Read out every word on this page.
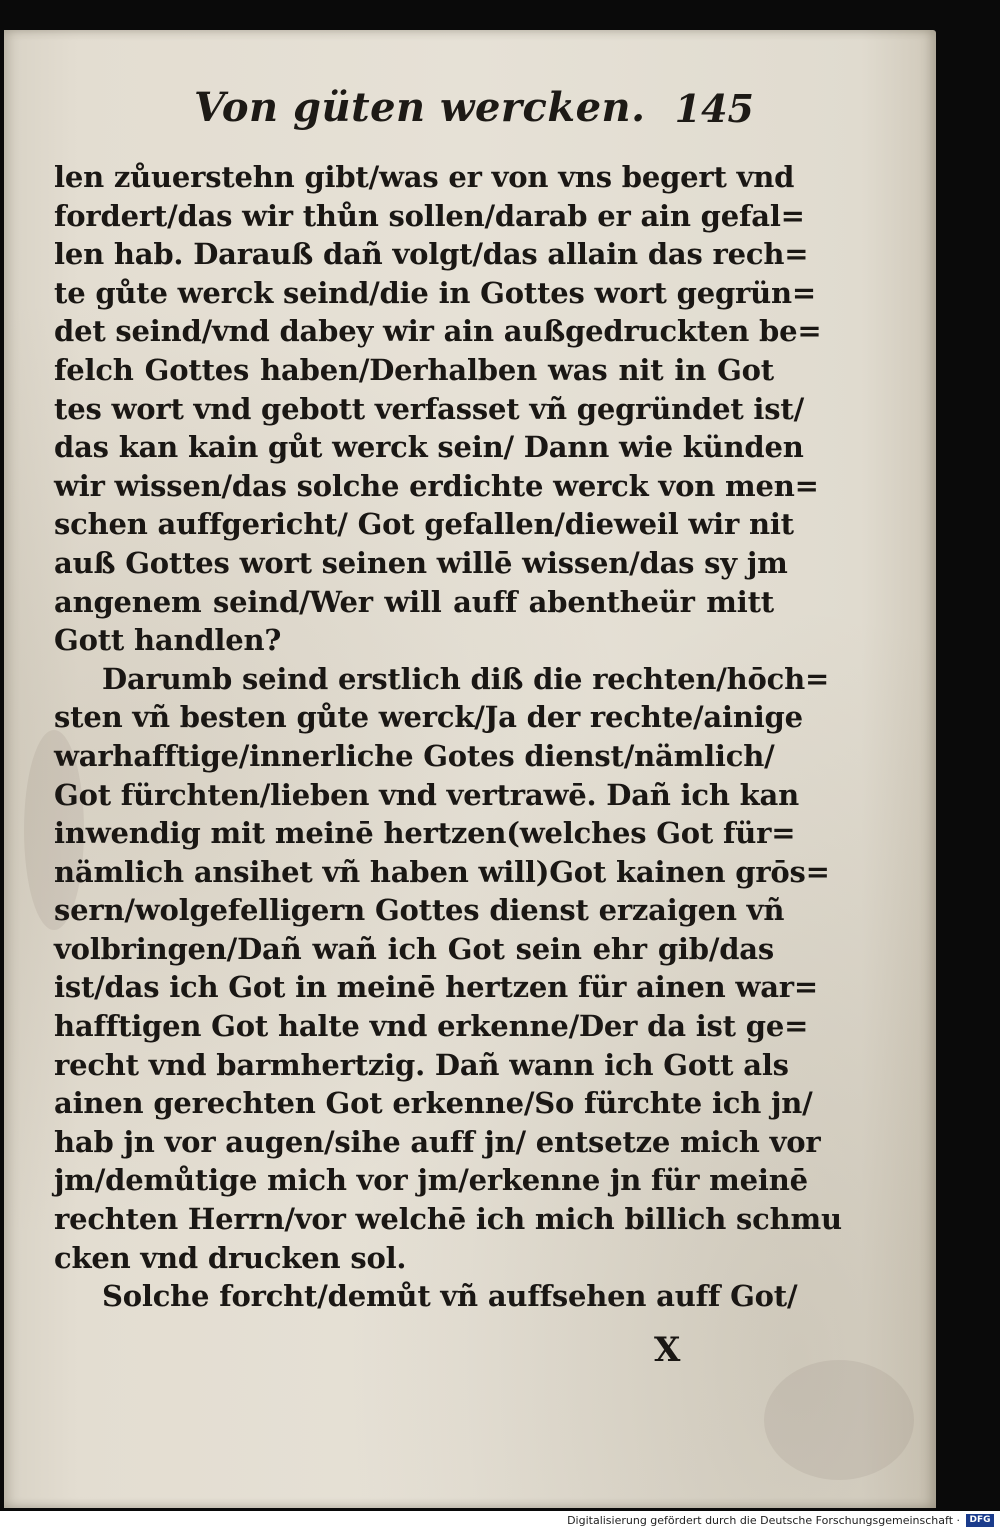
Von güten wercken. 145
len zůuerstehn gibt/was er von vns begert vnd
fordert/das wir thůn sollen/darab er ain gefal=
len hab. Darauß dañ volgt/das allain das rech=
te gůte werck seind/die in Gottes wort gegrün=
det seind/vnd dabey wir ain außgedruckten be=
felch Gottes haben/Derhalben was nit in Got
tes wort vnd gebott verfasset vñ gegründet ist/
das kan kain gůt werck sein/ Dann wie künden
wir wissen/das solche erdichte werck von men=
schen auffgericht/ Got gefallen/dieweil wir nit
auß Gottes wort seinen willē wissen/das sy jm
angenem seind/Wer will auff abentheür mitt
Gott handlen?
Darumb seind erstlich diß die rechten/hōch=
sten vñ besten gůte werck/Ja der rechte/ainige
warhafftige/innerliche Gotes dienst/nämlich/
Got fürchten/lieben vnd vertrawē. Dañ ich kan
inwendig mit meinē hertzen(welches Got für=
nämlich ansihet vñ haben will)Got kainen grōs=
sern/wolgefelligern Gottes dienst erzaigen vñ
volbringen/Dañ wañ ich Got sein ehr gib/das
ist/das ich Got in meinē hertzen für ainen war=
hafftigen Got halte vnd erkenne/Der da ist ge=
recht vnd barmhertzig. Dañ wann ich Gott als
ainen gerechten Got erkenne/So fürchte ich jn/
hab jn vor augen/sihe auff jn/ entsetze mich vor
jm/demůtige mich vor jm/erkenne jn für meinē
rechten Herrn/vor welchē ich mich billich schmu
cken vnd drucken sol.
Solche forcht/demůt vñ auffsehen auff Got/
X
Digitalisierung gefördert durch die Deutsche Forschungsgemeinschaft ·	DFG
